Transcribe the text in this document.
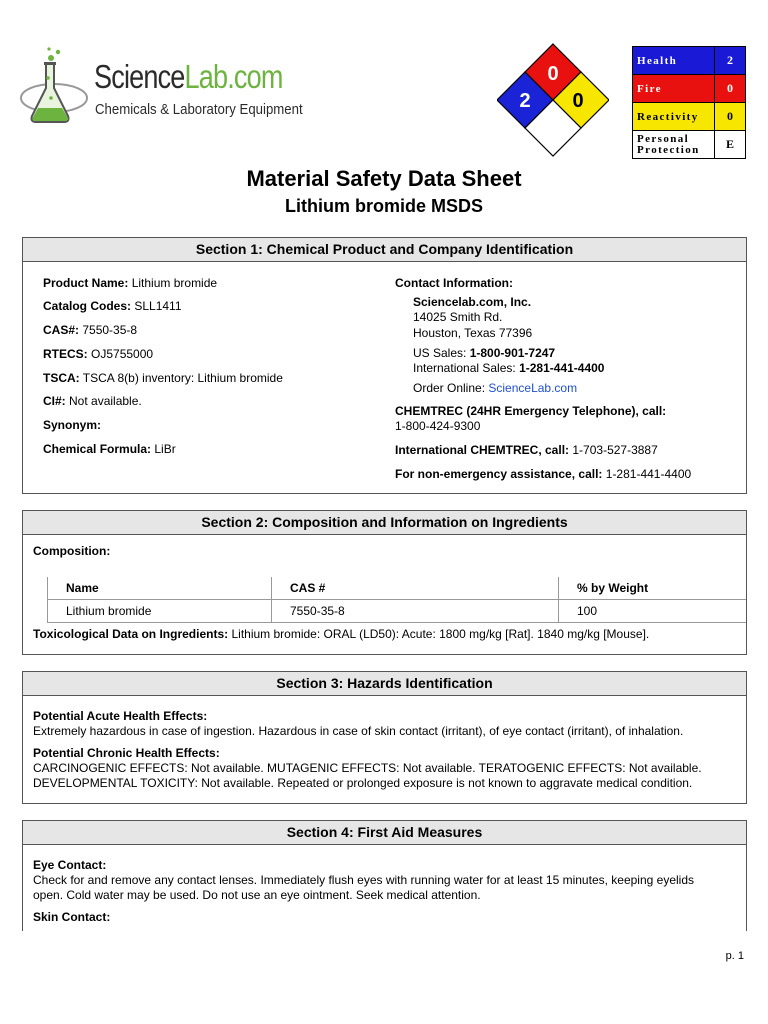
ScienceLab.com
Chemicals & Laboratory Equipment
0
2 0
Health	2
Fire	0
Reactivity	0
Personal
Protection	E
Material Safety Data Sheet
Lithium bromide MSDS
Section 1: Chemical Product and Company Identification
Product Name: Lithium bromide
Catalog Codes: SLL1411
CAS#: 7550-35-8
RTECS: OJ5755000
TSCA: TSCA 8(b) inventory: Lithium bromide
CI#: Not available.
Synonym:
Chemical Formula: LiBr
Contact Information:
Sciencelab.com, Inc.
14025 Smith Rd.
Houston, Texas 77396
US Sales: 1-800-901-7247
International Sales: 1-281-441-4400
Order Online: ScienceLab.com
CHEMTREC (24HR Emergency Telephone), call:
1-800-424-9300
International CHEMTREC, call: 1-703-527-3887
For non-emergency assistance, call: 1-281-441-4400
Section 2: Composition and Information on Ingredients
Composition:
Name	CAS #	% by Weight
Lithium bromide	7550-35-8	100
Toxicological Data on Ingredients: Lithium bromide: ORAL (LD50): Acute: 1800 mg/kg [Rat]. 1840 mg/kg [Mouse].
Section 3: Hazards Identification
Potential Acute Health Effects:
Extremely hazardous in case of ingestion. Hazardous in case of skin contact (irritant), of eye contact (irritant), of inhalation.
Potential Chronic Health Effects:
CARCINOGENIC EFFECTS: Not available. MUTAGENIC EFFECTS: Not available. TERATOGENIC EFFECTS: Not available.
DEVELOPMENTAL TOXICITY: Not available. Repeated or prolonged exposure is not known to aggravate medical condition.
Section 4: First Aid Measures
Eye Contact:
Check for and remove any contact lenses. Immediately flush eyes with running water for at least 15 minutes, keeping eyelids
open. Cold water may be used. Do not use an eye ointment. Seek medical attention.
Skin Contact:
p. 1
